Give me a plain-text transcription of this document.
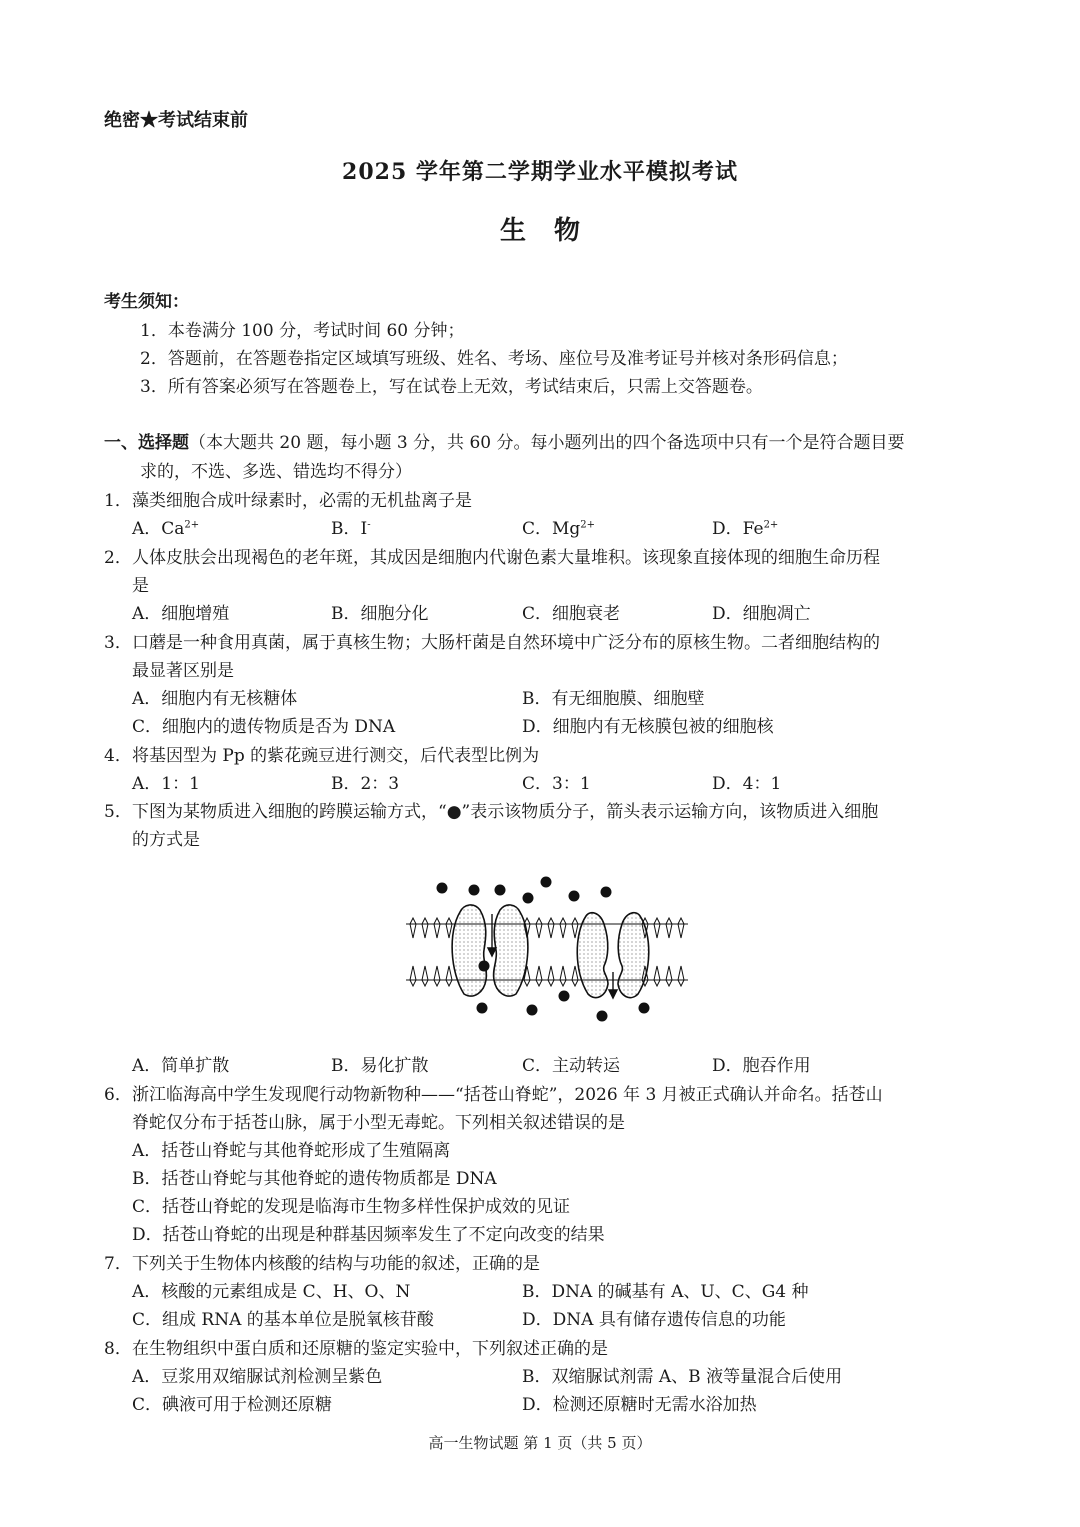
绝密★考试结束前
2025 学年第二学期学业水平模拟考试
生物
考生须知：
1．本卷满分 100 分，考试时间 60 分钟；
2．答题前，在答题卷指定区域填写班级、姓名、考场、座位号及准考证号并核对条形码信息；
3．所有答案必须写在答题卷上，写在试卷上无效，考试结束后，只需上交答题卷。
一、选择题（本大题共 20 题，每小题 3 分，共 60 分。每小题列出的四个备选项中只有一个是符合题目要
求的，不选、多选、错选均不得分）
1． 藻类细胞合成叶绿素时，必需的无机盐离子是
A．$Ca^{2+}$	B．I-	C．$Mg^{2+}$	D．$Fe^{2+}$
2． 人体皮肤会出现褐色的老年斑，其成因是细胞内代谢色素大量堆积。该现象直接体现的细胞生命历程
是
A．细胞增殖	B．细胞分化	C．细胞衰老	D．细胞凋亡
3． 口蘑是一种食用真菌，属于真核生物；大肠杆菌是自然环境中广泛分布的原核生物。二者细胞结构的
最显著区别是
A．细胞内有无核糖体	B．有无细胞膜、细胞壁
C．细胞内的遗传物质是否为 DNA	D．细胞内有无核膜包被的细胞核
4． 将基因型为 Pp 的紫花豌豆进行测交，后代表型比例为
A．1：1	B．2：3	C．3：1	D．4：1
5． 下图为某物质进入细胞的跨膜运输方式，“●”表示该物质分子，箭头表示运输方向，该物质进入细胞
的方式是
A．简单扩散	B．易化扩散	C．主动转运	D．胞吞作用
6． 浙江临海高中学生发现爬行动物新物种——“括苍山脊蛇”，2026 年 3 月被正式确认并命名。括苍山
脊蛇仅分布于括苍山脉，属于小型无毒蛇。下列相关叙述错误的是
A．括苍山脊蛇与其他脊蛇形成了生殖隔离
B．括苍山脊蛇与其他脊蛇的遗传物质都是 DNA
C．括苍山脊蛇的发现是临海市生物多样性保护成效的见证
D．括苍山脊蛇的出现是种群基因频率发生了不定向改变的结果
7． 下列关于生物体内核酸的结构与功能的叙述，正确的是
A．核酸的元素组成是 C、H、O、N	B．DNA 的碱基有 A、U、C、G4 种
C．组成 RNA 的基本单位是脱氧核苷酸	D．DNA 具有储存遗传信息的功能
8． 在生物组织中蛋白质和还原糖的鉴定实验中，下列叙述正确的是
A．豆浆用双缩脲试剂检测呈紫色	B．双缩脲试剂需 A、B 液等量混合后使用
C．碘液可用于检测还原糖	D．检测还原糖时无需水浴加热
高一生物试题 第 1 页（共 5 页）
